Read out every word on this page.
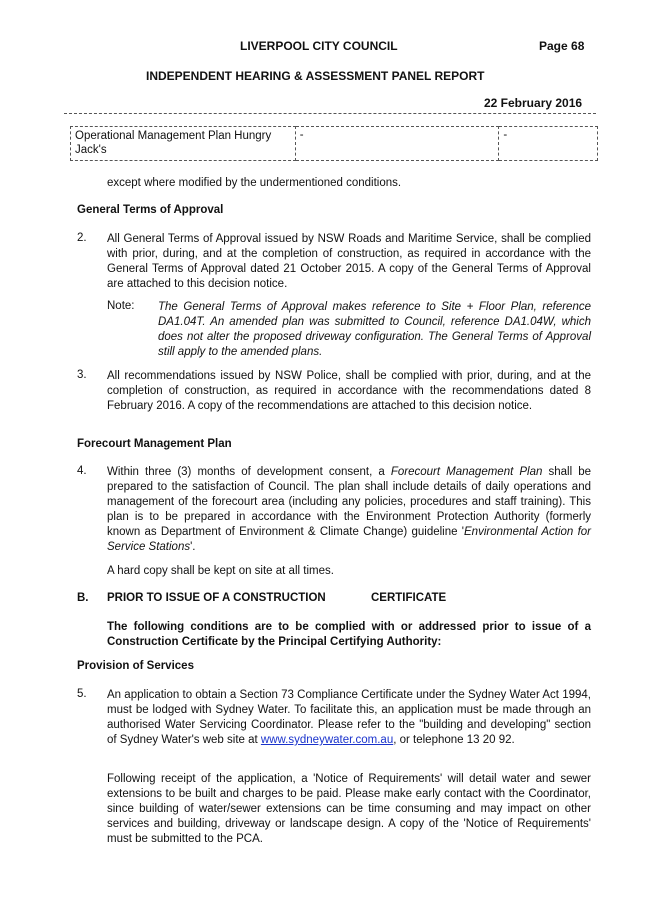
LIVERPOOL CITY COUNCIL	Page 68
INDEPENDENT HEARING & ASSESSMENT PANEL REPORT
22 February 2016
Operational Management Plan Hungry Jack's	-	-
except where modified by the undermentioned conditions.
General Terms of Approval
2. All General Terms of Approval issued by NSW Roads and Maritime Service, shall be complied with prior, during, and at the completion of construction, as required in accordance with the General Terms of Approval dated 21 October 2015. A copy of the General Terms of Approval are attached to this decision notice.
Note: The General Terms of Approval makes reference to Site + Floor Plan, reference DA1.04T. An amended plan was submitted to Council, reference DA1.04W, which does not alter the proposed driveway configuration. The General Terms of Approval still apply to the amended plans.
3. All recommendations issued by NSW Police, shall be complied with prior, during, and at the completion of construction, as required in accordance with the recommendations dated 8 February 2016. A copy of the recommendations are attached to this decision notice.
Forecourt Management Plan
4. Within three (3) months of development consent, a Forecourt Management Plan shall be prepared to the satisfaction of Council. The plan shall include details of daily operations and management of the forecourt area (including any policies, procedures and staff training). This plan is to be prepared in accordance with the Environment Protection Authority (formerly known as Department of Environment & Climate Change) guideline 'Environmental Action for Service Stations'.
A hard copy shall be kept on site at all times.
B. PRIOR TO ISSUE OF A CONSTRUCTION	CERTIFICATE
The following conditions are to be complied with or addressed prior to issue of a Construction Certificate by the Principal Certifying Authority:
Provision of Services
5. An application to obtain a Section 73 Compliance Certificate under the Sydney Water Act 1994, must be lodged with Sydney Water. To facilitate this, an application must be made through an authorised Water Servicing Coordinator. Please refer to the "building and developing" section of Sydney Water's web site at www.sydneywater.com.au, or telephone 13 20 92.
Following receipt of the application, a 'Notice of Requirements' will detail water and sewer extensions to be built and charges to be paid. Please make early contact with the Coordinator, since building of water/sewer extensions can be time consuming and may impact on other services and building, driveway or landscape design. A copy of the 'Notice of Requirements' must be submitted to the PCA.
